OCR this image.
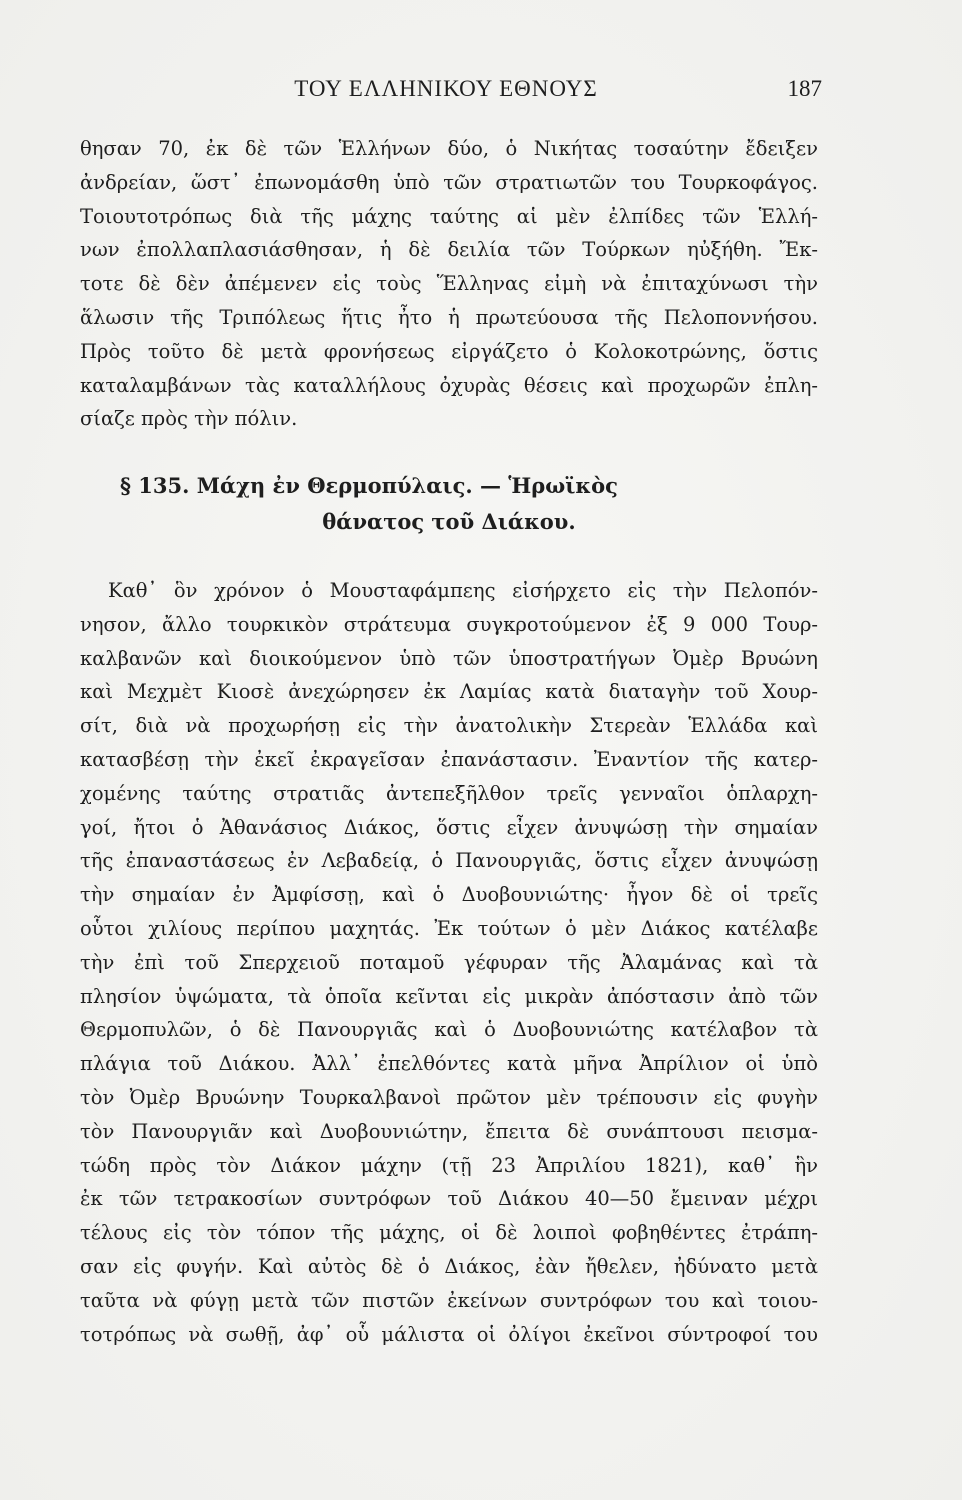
ΤΟΥ ΕΛΛΗΝΙΚΟΥ ΕΘΝΟΥΣ	187
θησαν 70, ἐκ δὲ τῶν Ἑλλήνων δύο, ὁ Νικήτας τοσαύτην ἔδειξεν
ἀνδρείαν, ὥστ᾽ ἐπωνομάσθη ὑπὸ τῶν στρατιωτῶν του Τουρκοφάγος.
Τοιουτοτρόπως διὰ τῆς μάχης ταύτης αἱ μὲν ἐλπίδες τῶν Ἑλλή-
νων ἐπολλαπλασιάσθησαν, ἡ δὲ δειλία τῶν Τούρκων ηὐξήθη. Ἔκ-
τοτε δὲ δὲν ἀπέμενεν εἰς τοὺς Ἕλληνας εἰμὴ νὰ ἐπιταχύνωσι τὴν
ἅλωσιν τῆς Τριπόλεως ἥτις ἦτο ἡ πρωτεύουσα τῆς Πελοποννήσου.
Πρὸς τοῦτο δὲ μετὰ φρονήσεως εἰργάζετο ὁ Κολοκοτρώνης, ὅστις
καταλαμβάνων τὰς καταλλήλους ὀχυρὰς θέσεις καὶ προχωρῶν ἐπλη-
σίαζε πρὸς τὴν πόλιν.
§ 135. Μάχη ἐν Θερμοπύλαις. — Ἡρωϊκὸς
θάνατος τοῦ Διάκου.
Καθ᾽ ὃν χρόνον ὁ Μουσταφάμπεης εἰσήρχετο εἰς τὴν Πελοπόν-
νησον, ἄλλο τουρκικὸν στράτευμα συγκροτούμενον ἐξ 9 000 Τουρ-
καλβανῶν καὶ διοικούμενον ὑπὸ τῶν ὑποστρατήγων Ὀμὲρ Βρυώνη
καὶ Μεχμὲτ Κιοσὲ ἀνεχώρησεν ἐκ Λαμίας κατὰ διαταγὴν τοῦ Χουρ-
σίτ, διὰ νὰ προχωρήσῃ εἰς τὴν ἀνατολικὴν Στερεὰν Ἑλλάδα καὶ
κατασβέσῃ τὴν ἐκεῖ ἐκραγεῖσαν ἐπανάστασιν. Ἐναντίον τῆς κατερ-
χομένης ταύτης στρατιᾶς ἀντεπεξῆλθον τρεῖς γενναῖοι ὁπλαρχη-
γοί, ἤτοι ὁ Ἀθανάσιος Διάκος, ὅστις εἶχεν ἀνυψώσῃ τὴν σημαίαν
τῆς ἐπαναστάσεως ἐν Λεβαδείᾳ, ὁ Πανουργιᾶς, ὅστις εἶχεν ἀνυψώσῃ
τὴν σημαίαν ἐν Ἀμφίσσῃ, καὶ ὁ Δυοβουνιώτης· ἦγον δὲ οἱ τρεῖς
οὗτοι χιλίους περίπου μαχητάς. Ἐκ τούτων ὁ μὲν Διάκος κατέλαβε
τὴν ἐπὶ τοῦ Σπερχειοῦ ποταμοῦ γέφυραν τῆς Ἀλαμάνας καὶ τὰ
πλησίον ὑψώματα, τὰ ὁποῖα κεῖνται εἰς μικρὰν ἀπόστασιν ἀπὸ τῶν
Θερμοπυλῶν, ὁ δὲ Πανουργιᾶς καὶ ὁ Δυοβουνιώτης κατέλαβον τὰ
πλάγια τοῦ Διάκου. Ἀλλ᾽ ἐπελθόντες κατὰ μῆνα Ἀπρίλιον οἱ ὑπὸ
τὸν Ὀμὲρ Βρυώνην Τουρκαλβανοὶ πρῶτον μὲν τρέπουσιν εἰς φυγὴν
τὸν Πανουργιᾶν καὶ Δυοβουνιώτην, ἔπειτα δὲ συνάπτουσι πεισμα-
τώδη πρὸς τὸν Διάκον μάχην (τῇ 23 Ἀπριλίου 1821), καθ᾽ ἣν
ἐκ τῶν τετρακοσίων συντρόφων τοῦ Διάκου 40—50 ἔμειναν μέχρι
τέλους εἰς τὸν τόπον τῆς μάχης, οἱ δὲ λοιποὶ φοβηθέντες ἐτράπη-
σαν εἰς φυγήν. Καὶ αὐτὸς δὲ ὁ Διάκος, ἐὰν ἤθελεν, ἠδύνατο μετὰ
ταῦτα νὰ φύγῃ μετὰ τῶν πιστῶν ἐκείνων συντρόφων του καὶ τοιου-
τοτρόπως νὰ σωθῇ, ἀφ᾽ οὗ μάλιστα οἱ ὀλίγοι ἐκεῖνοι σύντροφοί του
